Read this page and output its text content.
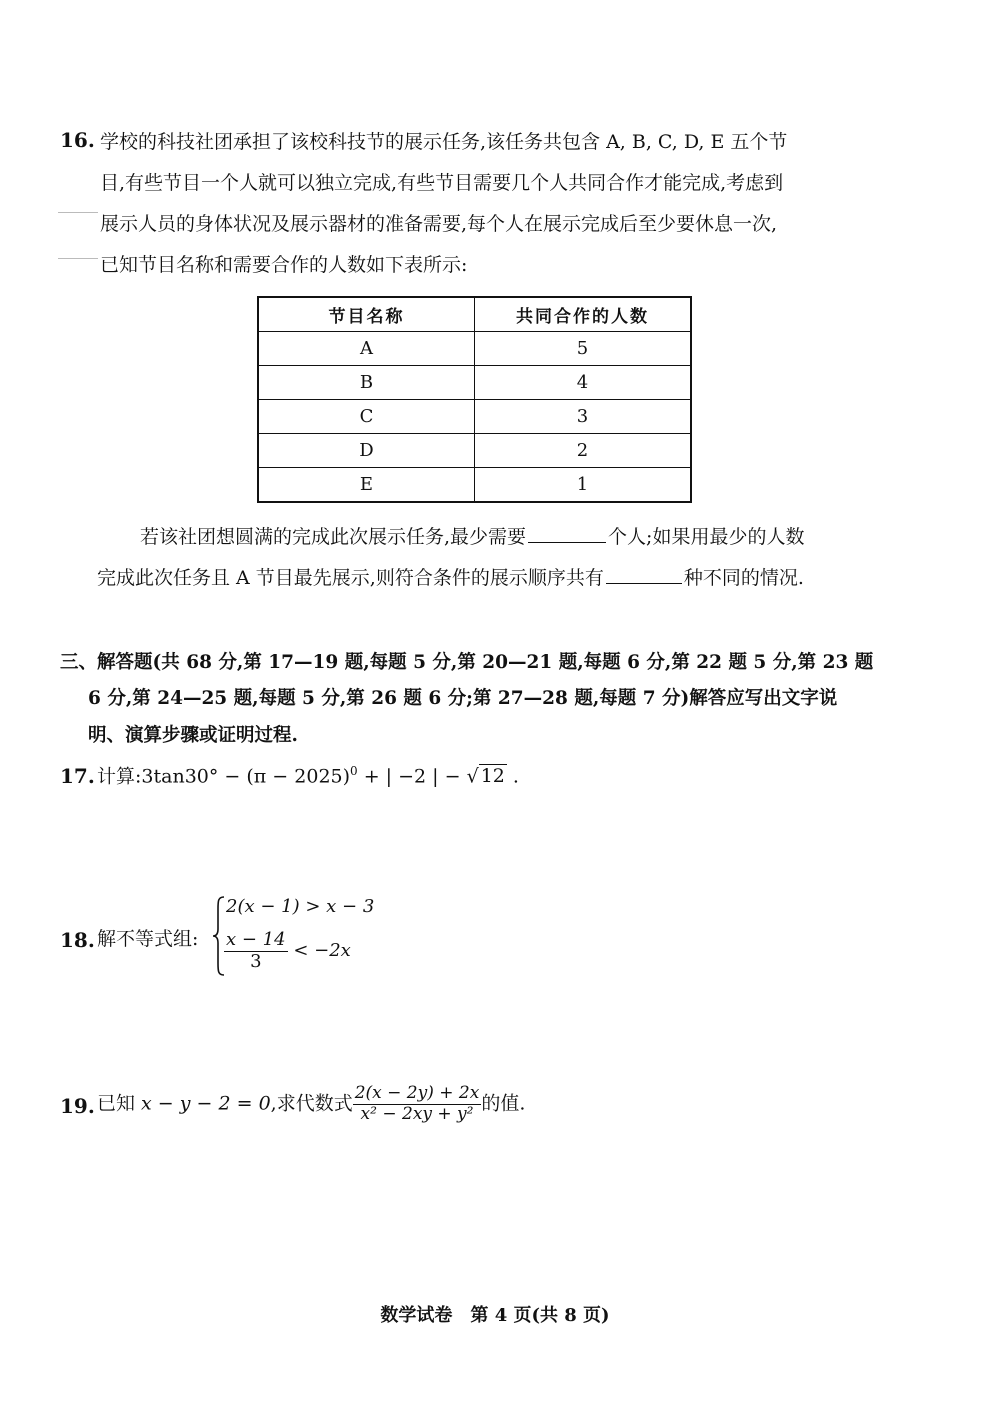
16. 学校的科技社团承担了该校科技节的展示任务,该任务共包含 A, B, C, D, E 五个节
目,有些节目一个人就可以独立完成,有些节目需要几个人共同合作才能完成,考虑到
展示人员的身体状况及展示器材的准备需要,每个人在展示完成后至少要休息一次,
已知节目名称和需要合作的人数如下表所示:
节目名称	共同合作的人数
A	5
B	4
C	3
D	2
E	1
若该社团想圆满的完成此次展示任务,最少需要	个人;如果用最少的人数
完成此次任务且 A 节目最先展示,则符合条件的展示顺序共有	种不同的情况.
三、解答题(共 68 分,第 17—19 题,每题 5 分,第 20—21 题,每题 6 分,第 22 题 5 分,第 23 题
6 分,第 24—25 题,每题 5 分,第 26 题 6 分;第 27—28 题,每题 7 分)解答应写出文字说
明、演算步骤或证明过程.
17. 计算:3tan30° − $(\pi - 2025)^0$ + | −2 | − √ 12 .
18. 解不等式组:
2(x − 1) > x − 3
$\frac{x - 14}{3} < -2x$
19. 已知 x − y − 2 = 0,求代数式 $\frac{2(x - 2y) + 2x}{\text{x² − 2xy + y²}}$ 的值.
数学试卷　第 4 页(共 8 页)
